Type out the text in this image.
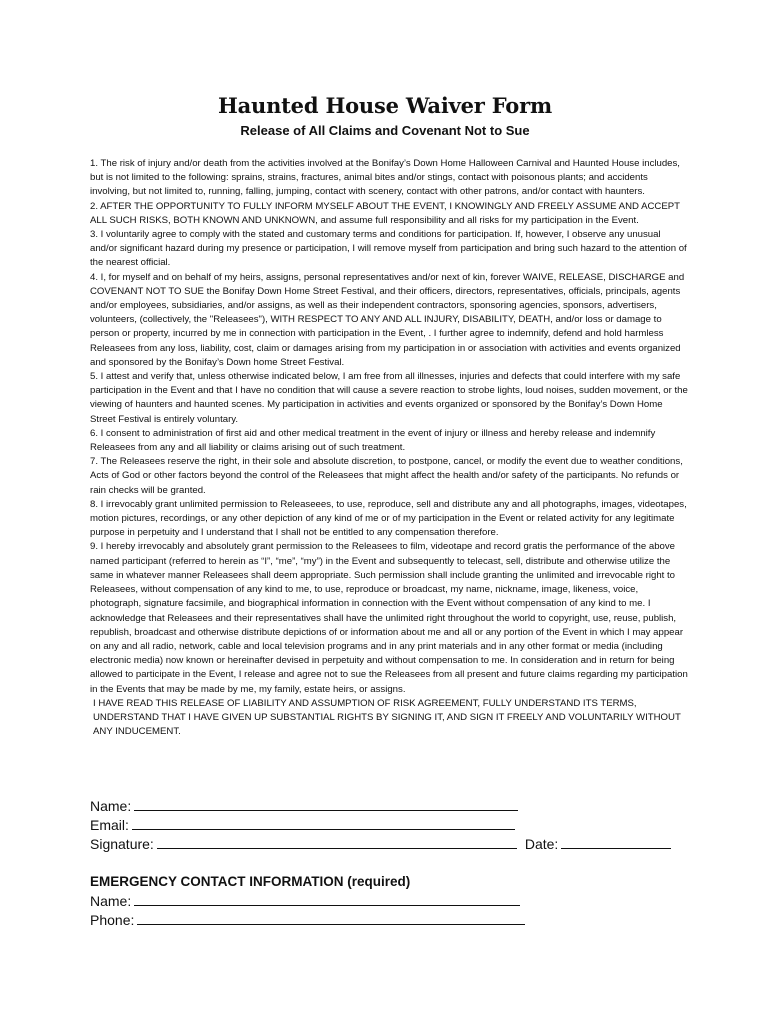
Haunted House Waiver Form
Release of All Claims and Covenant Not to Sue

1. The risk of injury and/or death from the activities involved at the Bonifay’s Down Home Halloween Carnival and Haunted House includes, but is not limited to the following: sprains, strains, fractures, animal bites and/or stings, contact with poisonous plants; and accidents involving, but not limited to, running, falling, jumping, contact with scenery, contact with other patrons, and/or contact with haunters.

2. AFTER THE OPPORTUNITY TO FULLY INFORM MYSELF ABOUT THE EVENT, I KNOWINGLY AND FREELY ASSUME AND ACCEPT ALL SUCH RISKS, BOTH KNOWN AND UNKNOWN, and assume full responsibility and all risks for my participation in the Event.

3. I voluntarily agree to comply with the stated and customary terms and conditions for participation. If, however, I observe any unusual and/or significant hazard during my presence or participation, I will remove myself from participation and bring such hazard to the attention of the nearest official.

4. I, for myself and on behalf of my heirs, assigns, personal representatives and/or next of kin, forever WAIVE, RELEASE, DISCHARGE and COVENANT NOT TO SUE the Bonifay Down Home Street Festival, and their officers, directors, representatives, officials, principals, agents and/or employees, subsidiaries, and/or assigns, as well as their independent contractors, sponsoring agencies, sponsors, advertisers, volunteers, (collectively, the "Releasees"), WITH RESPECT TO ANY AND ALL INJURY, DISABILITY, DEATH, and/or loss or damage to person or property, incurred by me in connection with participation in the Event, . I further agree to indemnify, defend and hold harmless Releasees from any loss, liability, cost, claim or damages arising from my participation in or association with activities and events organized and sponsored by the Bonifay’s Down home Street Festival.

5. I attest and verify that, unless otherwise indicated below, I am free from all illnesses, injuries and defects that could interfere with my safe participation in the Event and that I have no condition that will cause a severe reaction to strobe lights, loud noises, sudden movement, or the viewing of haunters and haunted scenes. My participation in activities and events organized or sponsored by the Bonifay’s Down Home Street Festival is entirely voluntary.

6. I consent to administration of first aid and other medical treatment in the event of injury or illness and hereby release and indemnify Releasees from any and all liability or claims arising out of such treatment.

7. The Releasees reserve the right, in their sole and absolute discretion, to postpone, cancel, or modify the event due to weather conditions, Acts of God or other factors beyond the control of the Releasees that might affect the health and/or safety of the participants. No refunds or rain checks will be granted.

8. I irrevocably grant unlimited permission to Releaseees, to use, reproduce, sell and distribute any and all photographs, images, videotapes, motion pictures, recordings, or any other depiction of any kind of me or of my participation in the Event or related activity for any legitimate purpose in perpetuity and I understand that I shall not be entitled to any compensation therefore.

9. I hereby irrevocably and absolutely grant permission to the Releasees to film, videotape and record gratis the performance of the above named participant (referred to herein as “I”, “me”, “my”) in the Event and subsequently to telecast, sell, distribute and otherwise utilize the same in whatever manner Releasees shall deem appropriate. Such permission shall include granting the unlimited and irrevocable right to Releasees, without compensation of any kind to me, to use, reproduce or broadcast, my name, nickname, image, likeness, voice, photograph, signature facsimile, and biographical information in connection with the Event without compensation of any kind to me. I acknowledge that Releasees and their representatives shall have the unlimited right throughout the world to copyright, use, reuse, publish, republish, broadcast and otherwise distribute depictions of or information about me and all or any portion of the Event in which I may appear on any and all radio, network, cable and local television programs and in any print materials and in any other format or media (including electronic media) now known or hereinafter devised in perpetuity and without compensation to me. In consideration and in return for being allowed to participate in the Event, I release and agree not to sue the Releasees from all present and future claims regarding my participation in the Events that may be made by me, my family, estate heirs, or assigns.

I HAVE READ THIS RELEASE OF LIABILITY AND ASSUMPTION OF RISK AGREEMENT, FULLY UNDERSTAND ITS TERMS, UNDERSTAND THAT I HAVE GIVEN UP SUBSTANTIAL RIGHTS BY SIGNING IT, AND SIGN IT FREELY AND VOLUNTARILY WITHOUT ANY INDUCEMENT.

Name:
Email:
Signature:	Date:

EMERGENCY CONTACT INFORMATION (required)

Name:
Phone:
